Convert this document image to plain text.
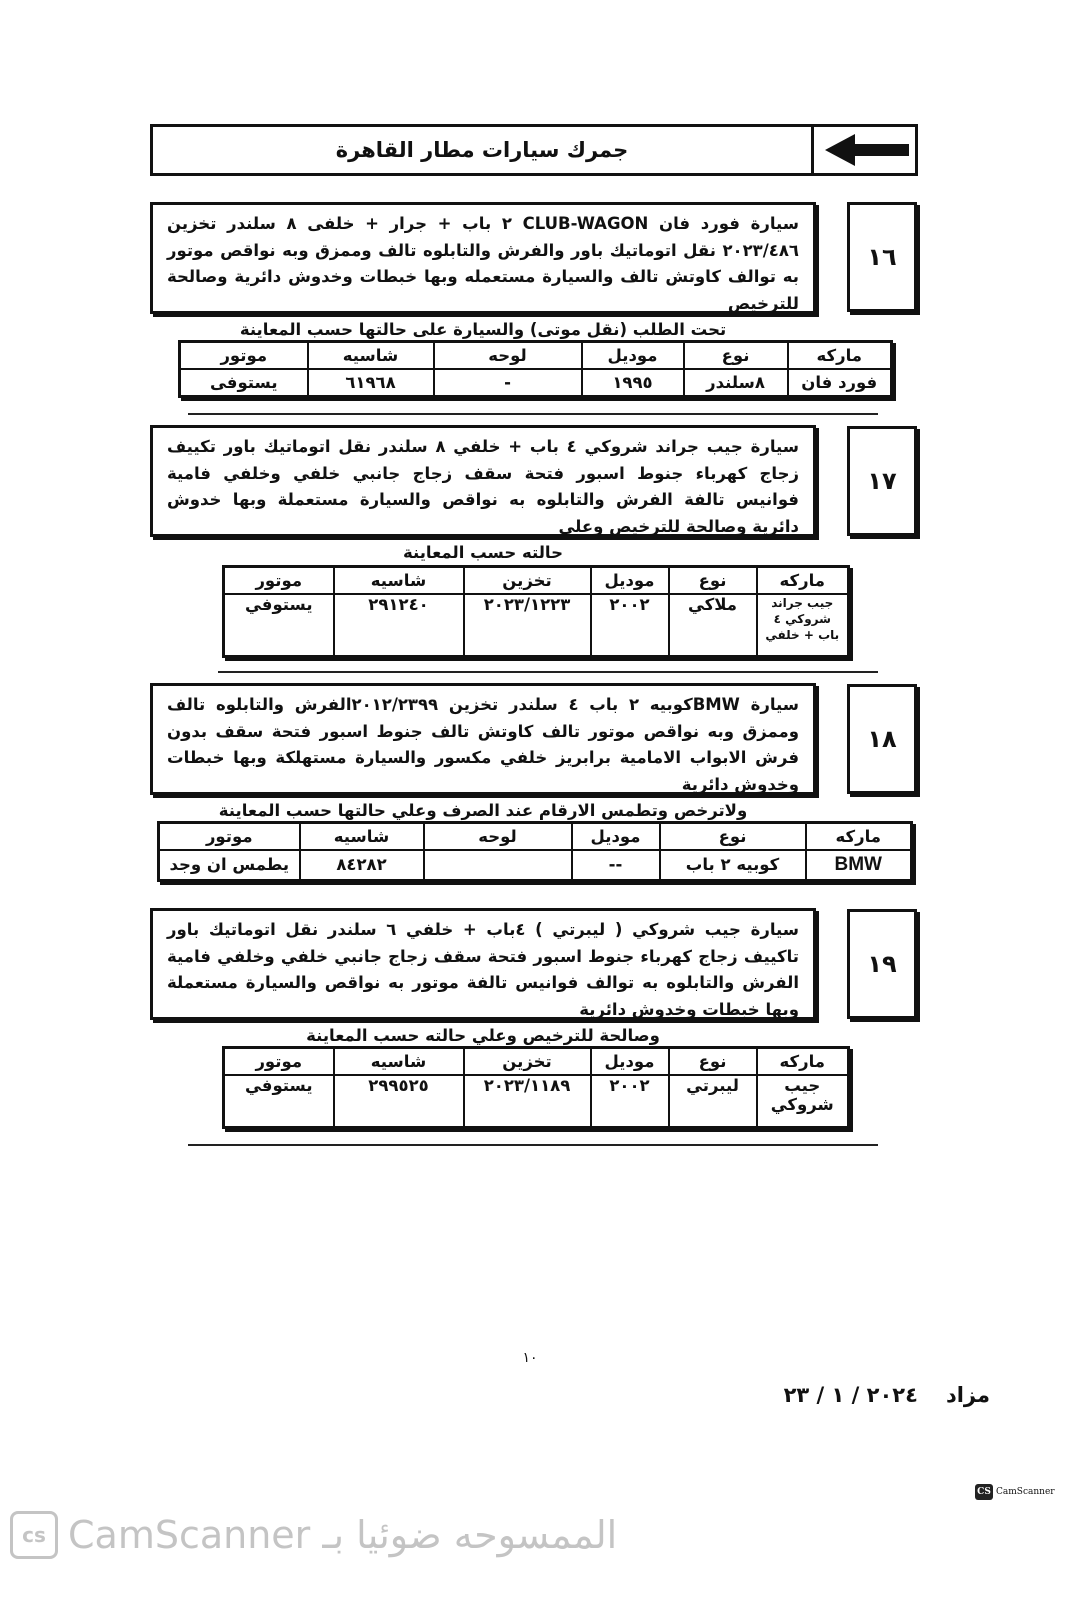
جمرك سيارات مطار القاهرة
سيارة فورد فان CLUB-WAGON ٢ باب + جرار + خلفى ٨ سلندر تخزين ٢٠٢٣/٤٨٦ نقل اتوماتيك باور والفرش والتابلوه تالف وممزق وبه نواقص موتور به توالف كاوتش تالف والسيارة مستعمله وبها خبطات وخدوش دائرية وصالحة للترخيص
تحت الطلب (نقل موتى) والسيارة على حالتها حسب المعاينة
١٦
ماركه	نوع	موديل	لوحه	شاسيه	موتور
فورد فان	٨سلندر	١٩٩٥	-	٦١٩٦٨	يستوفى
سيارة جيب جراند شروكي ٤ باب + خلفي ٨ سلندر نقل اتوماتيك باور تكييف زجاج كهرباء جنوط اسبور فتحة سقف زجاج جانبي خلفي وخلفي فامية فوانيس تالفة الفرش والتابلوه به نواقص والسيارة مستعملة وبها خدوش دائرية وصالحة للترخيص وعلي
حالته حسب المعاينة
١٧
ماركه	نوع	موديل	تخزين	شاسيه	موتور
جيب جراند شروكي ٤ باب + خلفي	ملاكي	٢٠٠٢	٢٠٢٣/١٢٢٣	٢٩١٢٤٠	يستوفي
سيارة BMWكوبيه ٢ باب ٤ سلندر تخزين ٢٠١٢/٢٣٩٩الفرش والتابلوه تالف وممزق وبه نواقص موتور تالف كاوتش تالف جنوط اسبور فتحة سقف بدون فرش الابواب الامامية برابريز خلفي مكسور والسيارة مستهلكة وبها خبطات وخدوش دائرية
ولاترخص وتطمس الارقام عند الصرف وعلي حالتها حسب المعاينة
١٨
ماركه	نوع	موديل	لوحه	شاسيه	موتور
BMW	كوبيه ٢ باب	--		٨٤٢٨٢	يطمس ان وجد
سيارة جيب شروكي ( ليبرتي ) ٤باب + خلفي ٦ سلندر نقل اتوماتيك باور تاكييف زجاج كهرباء جنوط اسبور فتحة سقف زجاج جانبي خلفي وخلفي فامية الفرش والتابلوه به توالف فوانيس تالفة موتور به نواقص والسيارة مستعملة وبها خبطات وخدوش دائرية
وصالحة للترخيص وعلي حالته حسب المعاينة
١٩
ماركه	نوع	موديل	تخزين	شاسيه	موتور
جيب شروكي	ليبرتي	٢٠٠٢	٢٠٢٣/١١٨٩	٢٩٩٥٢٥	يستوفي
١٠
مزاد
٢٠٢٤ / ١ / ٢٣
CS CamScanner
cs الممسوحه ضوئيا بـ CamScanner
